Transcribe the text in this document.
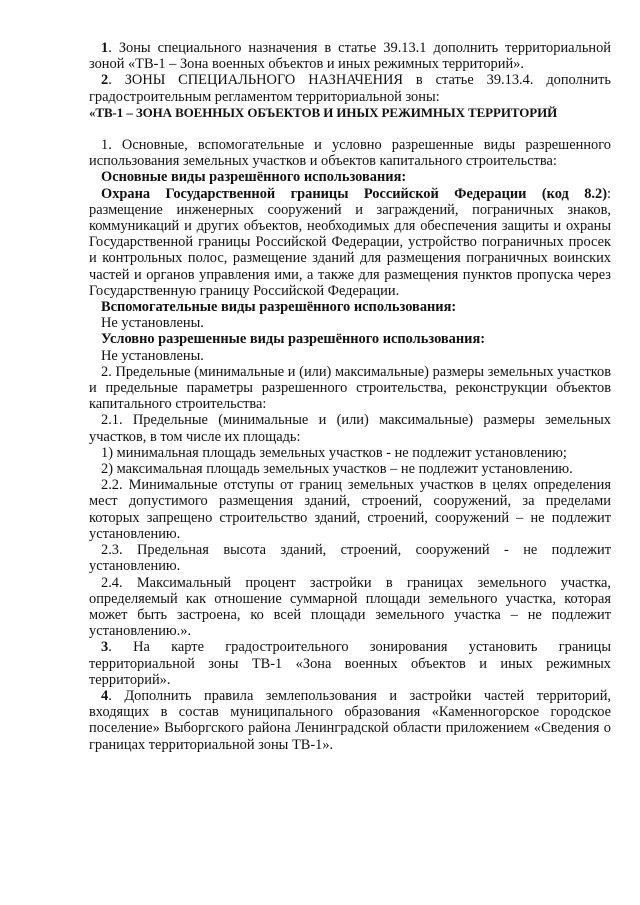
1. Зоны специального назначения в статье 39.13.1 дополнить территориальной зоной «ТВ-1 – Зона военных объектов и иных режимных территорий».

2. ЗОНЫ СПЕЦИАЛЬНОГО НАЗНАЧЕНИЯ в статье 39.13.4. дополнить градостроительным регламентом территориальной зоны:

«ТВ-1 – ЗОНА ВОЕННЫХ ОБЪЕКТОВ И ИНЫХ РЕЖИМНЫХ ТЕРРИТОРИЙ

1. Основные, вспомогательные и условно разрешенные виды разрешенного использования земельных участков и объектов капитального строительства:

Основные виды разрешённого использования:

Охрана Государственной границы Российской Федерации (код 8.2): размещение инженерных сооружений и заграждений, пограничных знаков, коммуникаций и других объектов, необходимых для обеспечения защиты и охраны Государственной границы Российской Федерации, устройство пограничных просек и контрольных полос, размещение зданий для размещения пограничных воинских частей и органов управления ими, а также для размещения пунктов пропуска через Государственную границу Российской Федерации.

Вспомогательные виды разрешённого использования:

Не установлены.

Условно разрешенные виды разрешённого использования:

Не установлены.

2. Предельные (минимальные и (или) максимальные) размеры земельных участков и предельные параметры разрешенного строительства, реконструкции объектов капитального строительства:

2.1. Предельные (минимальные и (или) максимальные) размеры земельных участков, в том числе их площадь:

1) минимальная площадь земельных участков - не подлежит установлению;

2) максимальная площадь земельных участков – не подлежит установлению.

2.2. Минимальные отступы от границ земельных участков в целях определения мест допустимого размещения зданий, строений, сооружений, за пределами которых запрещено строительство зданий, строений, сооружений – не подлежит установлению.

2.3. Предельная высота зданий, строений, сооружений - не подлежит установлению.

2.4. Максимальный процент застройки в границах земельного участка, определяемый как отношение суммарной площади земельного участка, которая может быть застроена, ко всей площади земельного участка – не подлежит установлению.».

3. На карте градостроительного зонирования установить границы территориальной зоны ТВ-1 «Зона военных объектов и иных режимных территорий».

4. Дополнить правила землепользования и застройки частей территорий, входящих в состав муниципального образования «Каменногорское городское поселение» Выборгского района Ленинградской области приложением «Сведения о границах территориальной зоны ТВ-1».
